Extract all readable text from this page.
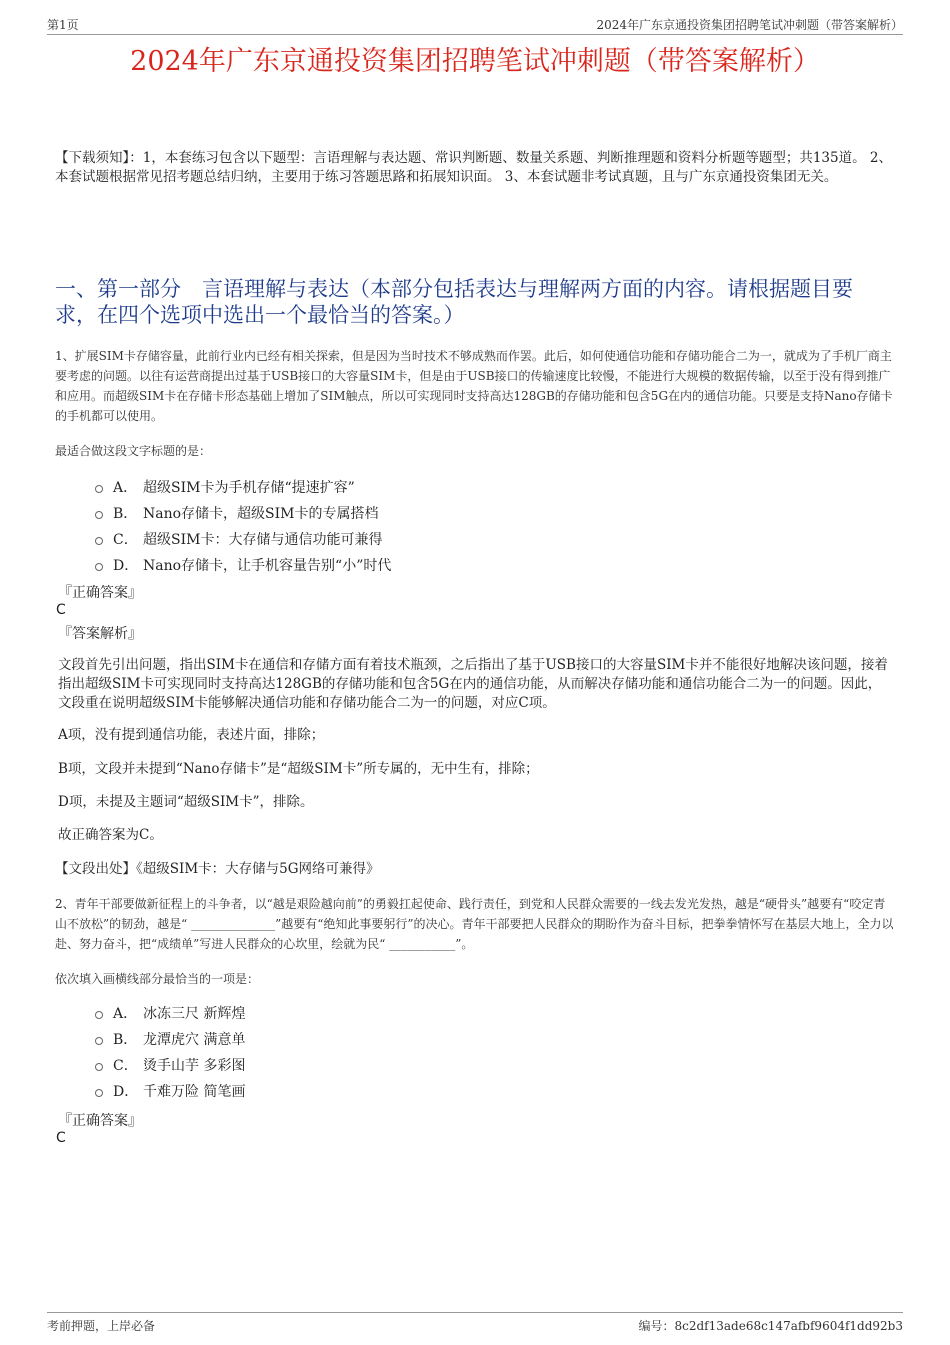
第1页	2024年广东京通投资集团招聘笔试冲刺题（带答案解析）
2024年广东京通投资集团招聘笔试冲刺题（带答案解析）
【下载须知】：1，本套练习包含以下题型：言语理解与表达题、常识判断题、数量关系题、判断推理题和资料分析题等题型；共135道。 2、本套试题根据常见招考题总结归纳，主要用于练习答题思路和拓展知识面。 3、本套试题非考试真题，且与广东京通投资集团无关。
一、第一部分　言语理解与表达（本部分包括表达与理解两方面的内容。请根据题目要求，在四个选项中选出一个最恰当的答案。）
1、扩展SIM卡存储容量，此前行业内已经有相关探索，但是因为当时技术不够成熟而作罢。此后，如何使通信功能和存储功能合二为一，就成为了手机厂商主要考虑的问题。以往有运营商提出过基于USB接口的大容量SIM卡，但是由于USB接口的传输速度比较慢，不能进行大规模的数据传输，以至于没有得到推广和应用。而超级SIM卡在存储卡形态基础上增加了SIM触点，所以可实现同时支持高达128GB的存储功能和包含5G在内的通信功能。只要是支持Nano存储卡的手机都可以使用。
最适合做这段文字标题的是：
A． 超级SIM卡为手机存储“提速扩容”
B． Nano存储卡，超级SIM卡的专属搭档
C． 超级SIM卡：大存储与通信功能可兼得
D． Nano存储卡，让手机容量告别“小”时代
『正确答案』
C
『答案解析』
文段首先引出问题，指出SIM卡在通信和存储方面有着技术瓶颈，之后指出了基于USB接口的大容量SIM卡并不能很好地解决该问题，接着指出超级SIM卡可实现同时支持高达128GB的存储功能和包含5G在内的通信功能，从而解决存储功能和通信功能合二为一的问题。因此，文段重在说明超级SIM卡能够解决通信功能和存储功能合二为一的问题，对应C项。
A项，没有提到通信功能，表述片面，排除；
B项，文段并未提到“Nano存储卡”是“超级SIM卡”所专属的，无中生有，排除；
D项，未提及主题词“超级SIM卡”，排除。
故正确答案为C。
【文段出处】《超级SIM卡：大存储与5G网络可兼得》
2、青年干部要做新征程上的斗争者，以“越是艰险越向前”的勇毅扛起使命、践行责任，到党和人民群众需要的一线去发光发热，越是“硬骨头”越要有“咬定青山不放松”的韧劲，越是“ ______________”越要有“绝知此事要躬行”的决心。青年干部要把人民群众的期盼作为奋斗目标，把拳拳情怀写在基层大地上，全力以赴、努力奋斗，把“成绩单”写进人民群众的心坎里，绘就为民“ ___________”。
依次填入画横线部分最恰当的一项是：
A． 冰冻三尺 新辉煌
B． 龙潭虎穴 满意单
C． 烫手山芋 多彩图
D． 千难万险 简笔画
『正确答案』
C
考前押题，上岸必备	编号：8c2df13ade68c147afbf9604f1dd92b3
